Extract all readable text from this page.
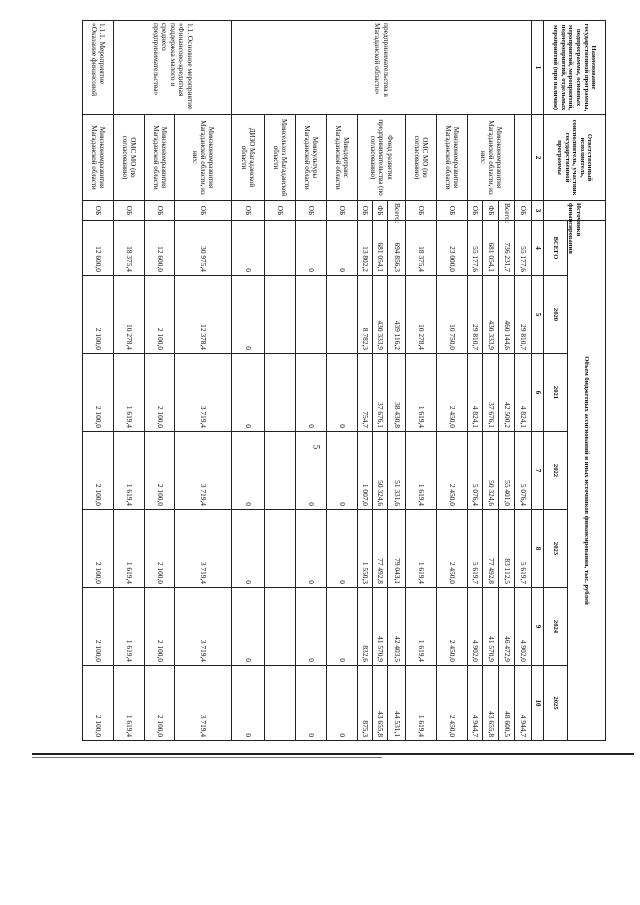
5
Наименование государственной программы, подпрограммы, основных мероприятий, мероприятий, подмероприятий, отдельных мероприятий (при наличии)	Ответственный исполнитель, соисполнитель, участник государственной программы	Источники финансирования	Объем бюджетных ассигнований и иных источников финансирования, тыс. рублей						
			ВСЕГО	2020	2021	2022	2023	2024	2025
1	2	3	4	5	6	7	8	9	10
предпринимательства в Магаданской области»		ОБ	55 177,6	29 810,7	4 824,1	5 076,4	5 619,7	4 902,0	4 944,7
	Минэкономразвития Магаданской области, из них:	Всего:	736 231,7	460 144,6	42 500,2	55 401,0	83 112,5	46 472,9	48 600,5
		ФБ	681 054,1	430 333,9	37 676,1	50 324,6	77 492,8	41 570,9	43 655,8
		ОБ	55 177,6	29 810,7	4 824,1	5 076,4	5 619,7	4 902,0	4 944,7
	Минэкономразвития Магаданской области	ОБ	23 000,0	10 750,0	2 450,0	2 450,0	2 450,0	2 450,0	2 450,0
	ОМС МО (по согласованию)	ОБ	18 375,4	10 278,4	1 619,4	1 619,4	1 619,4	1 619,4	1 619,4
	Фонд развития предпринимательства (по согласованию)	Всего:	694 856,3	439 116,2	38 430,8	51 331,6	79 043,1	42 403,5	44 531,1
		ФБ	681 054,1	430 333,9	37 676,1	50 324,6	77 492,8	41 570,9	43 655,8
		ОБ	13 802,2	8 782,3	754,7	1 007,0	1 550,3	832,6	875,3
	Миндортранс Магаданской области	ОБ	0		0	0	0	0	0
	Минкультуры Магаданской области	ОБ	0		0	0	0	0	0
	Минсельхоз Магаданской области	ОБ							
	ДИЗО Магаданской области	ОБ	0	0	0	0	0	0	0
1.1. Основное мероприятие «Финансово-кредитная поддержка малого и среднего предпринимательства»	Минэкономразвития Магаданской области, из них:	ОБ	30 975,4	12 378,4	3 719,4	3 719,4	3 719,4	3 719,4	3 719,4
	Минэкономразвития Магаданской области	ОБ	12 600,0	2 100,0	2 100,0	2 100,0	2 100,0	2 100,0	2 100,0
	ОМС МО (по согласованию)	ОБ	18 375,4	10 278,4	1 619,4	1 619,4	1 619,4	1 619,4	1 619,4
1.1.1. Мероприятие «Оказание финансовой	Минэкономразвития Магаданской области	ОБ	12 600,0	2 100,0	2 100,0	2 100,0	2 100,0	2 100,0	2 100,0
